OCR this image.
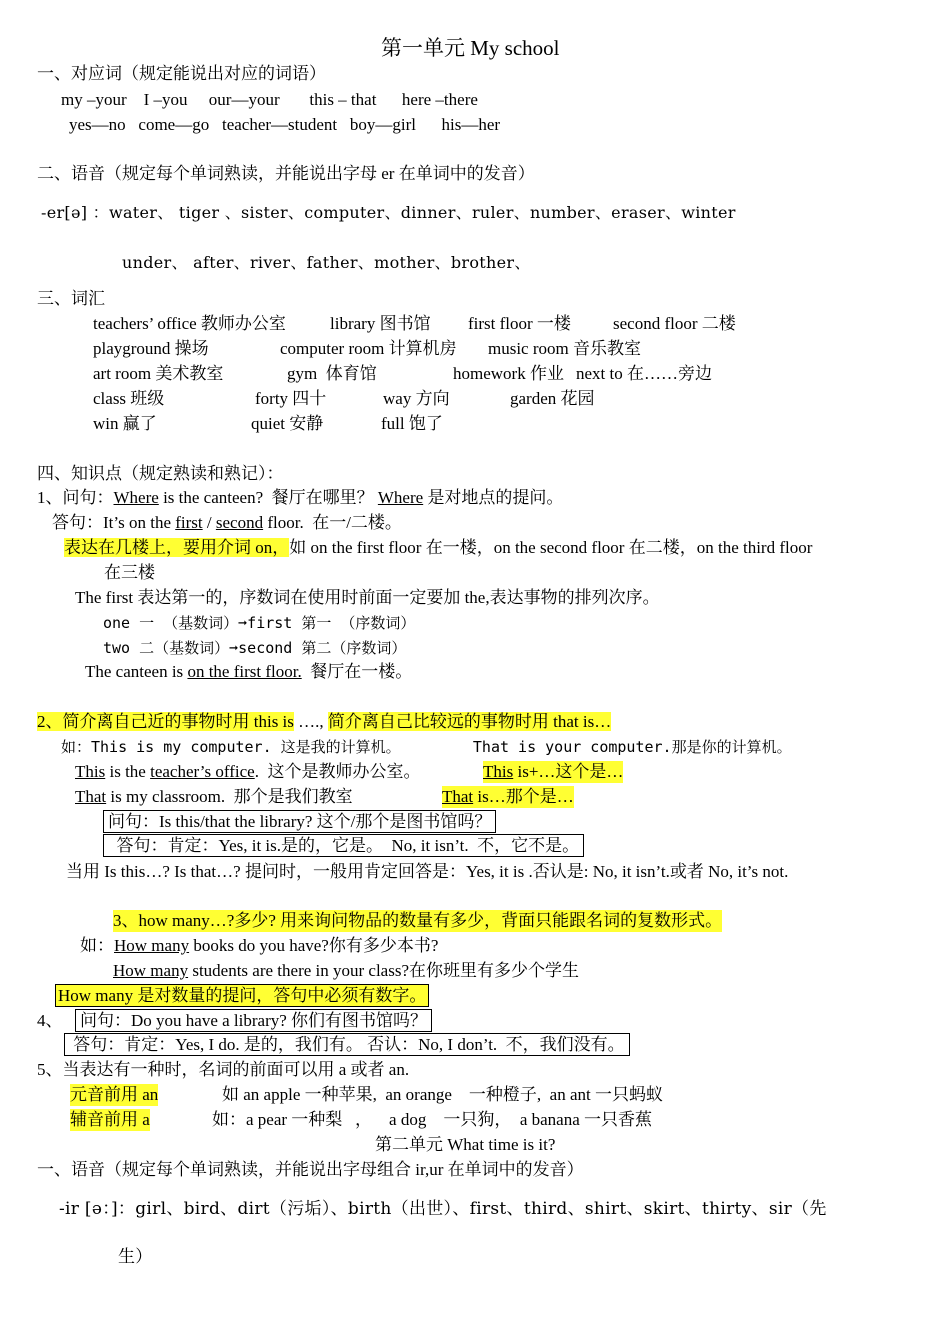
第一单元 My school
一、对应词（规定能说出对应的词语）
my –your    I –you     our—your       this – that      here –there
yes—no   come—go   teacher—student   boy—girl      his—her
二、语音（规定每个单词熟读，并能说出字母 er 在单词中的发音）
-er[ə] ：water、 tiger 、sister、computer、dinner、ruler、number、eraser、winter
under、 after、river、father、mother、brother、
三、词汇
teachers’ office 教师办公室	library 图书馆 first floor 一楼 second floor 二楼
playground 操场	computer room 计算机房 music room 音乐教室
art room 美术教室	gym  体育馆	homework 作业 next to 在……旁边
class 班级	forty 四十	way 方向	garden 花园
win 赢了	quiet 安静	full 饱了
四、知识点（规定熟读和熟记）：
1、问句：Where is the canteen?  餐厅在哪里？ Where 是对地点的提问。
答句：It’s on the first / second floor.  在一/二楼。
表达在几楼上，要用介词 on，如 on the first floor 在一楼，on the second floor 在二楼，on the third floor
在三楼
The first 表达第一的，序数词在使用时前面一定要加 the,表达事物的排列次序。
one 一 （基数词）➞first 第一 （序数词）
two 二（基数词）➞second 第二（序数词）
The canteen is on the first floor.  餐厅在一楼。
2、简介离自己近的事物时用 this is …., 简介离自己比较远的事物时用 that is…
如：This is my computer. 这是我的计算机。        That is your computer.那是你的计算机。
This is the teacher’s office.  这个是教师办公室。	This is+…这个是…
That is my classroom.  那个是我们教室	That is…那个是…
问句：Is this/that the library? 这个/那个是图书馆吗？
答句：肯定：Yes, it is.是的，它是。  No, it isn’t.  不，它不是。
当用 Is this…? Is that…? 提问时，一般用肯定回答是：Yes, it is .否认是: No, it isn’t.或者 No, it’s not.
3、how many…?多少? 用来询问物品的数量有多少，背面只能跟名词的复数形式。
如：How many books do you have?你有多少本书?
How many students are there in your class?在你班里有多少个学生
How many 是对数量的提问，答句中必须有数字。
4、 问句：Do you have a library? 你们有图书馆吗？
答句：肯定：Yes, I do. 是的，我们有。 否认：No, I don’t.  不，我们没有。
5、当表达有一种时，名词的前面可以用 a 或者 an.
元音前用 an	如 an apple 一种苹果,  an orange    一种橙子,  an ant 一只蚂蚁
辅音前用 a	如：a pear 一种梨   ，    a dog    一只狗，  a banana 一只香蕉
第二单元 What time is it?
一、语音（规定每个单词熟读，并能说出字母组合 ir,ur 在单词中的发音）
-ir [ə：]：girl、bird、dirt（污垢）、birth（出世）、first、third、shirt、skirt、thirty、sir（先
生）
